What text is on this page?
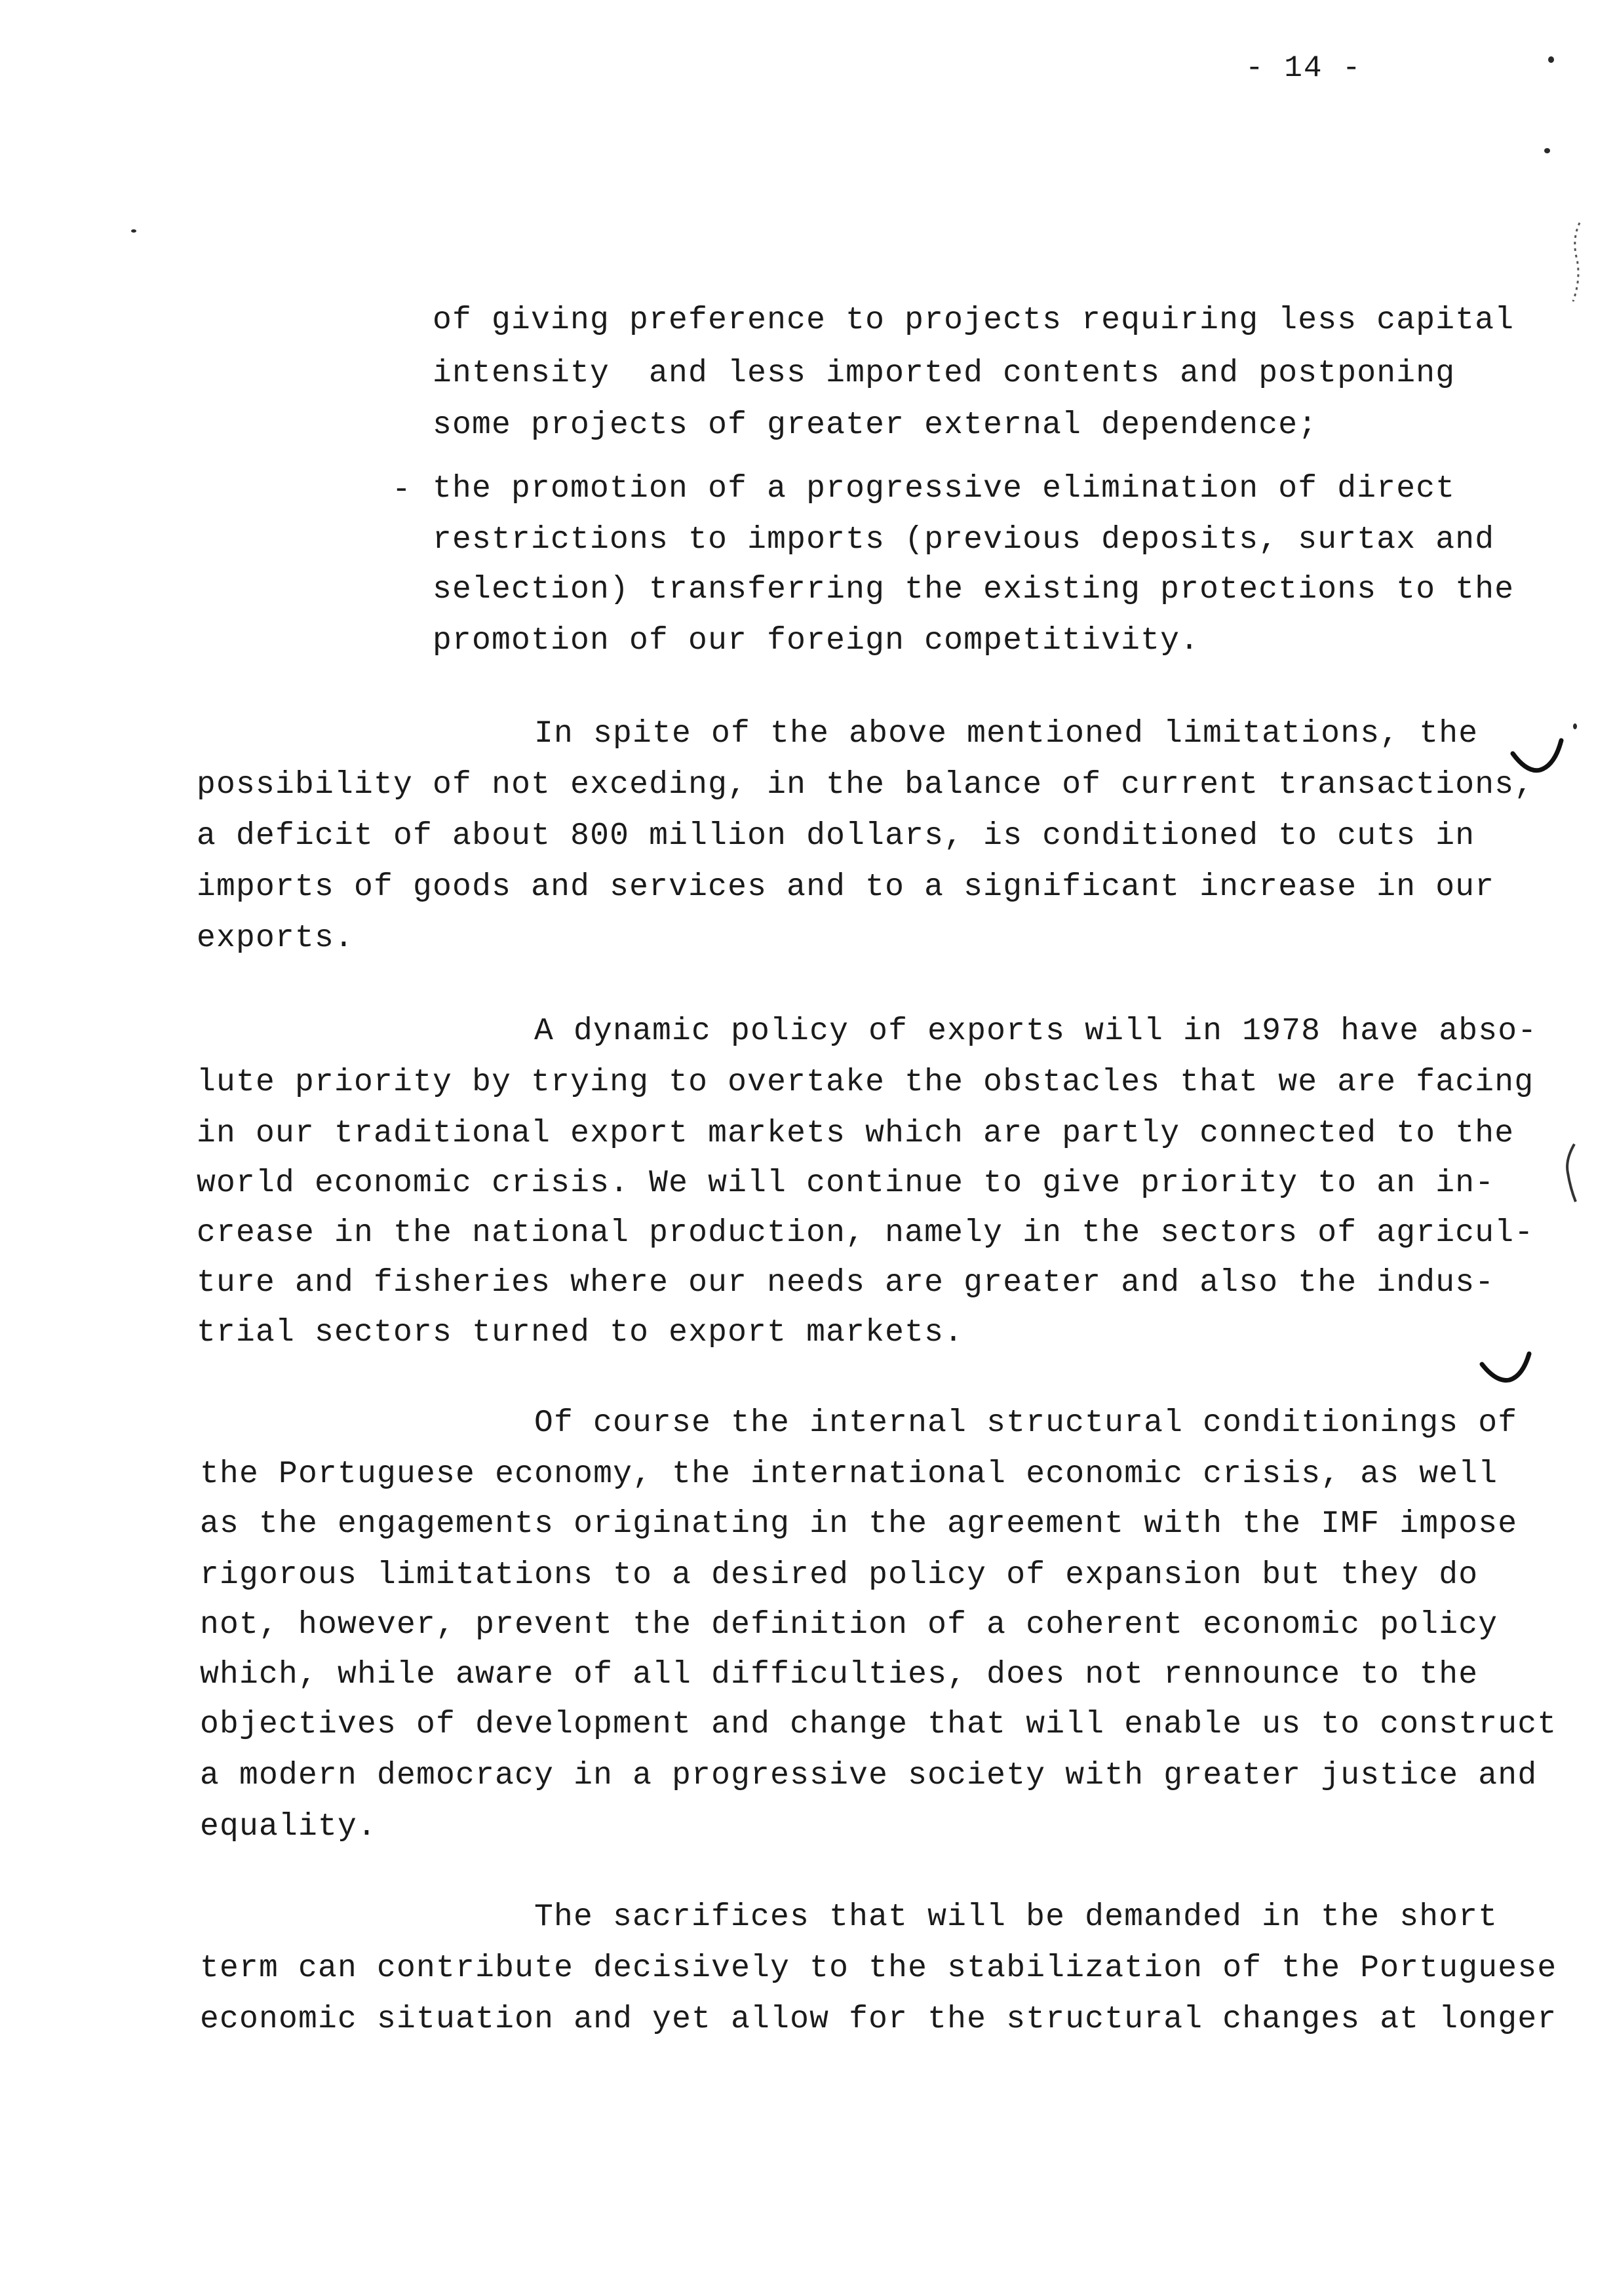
- 14 -
of giving preference to projects requiring less capital
intensity  and less imported contents and postponing
some projects of greater external dependence;
- the promotion of a progressive elimination of direct
restrictions to imports (previous deposits, surtax and
selection) transferring the existing protections to the
promotion of our foreign competitivity.
In spite of the above mentioned limitations, the
possibility of not exceding, in the balance of current transactions,
a deficit of about 800 million dollars, is conditioned to cuts in
imports of goods and services and to a significant increase in our
exports.
A dynamic policy of exports will in 1978 have abso-
lute priority by trying to overtake the obstacles that we are facing
in our traditional export markets which are partly connected to the
world economic crisis. We will continue to give priority to an in-
crease in the national production, namely in the sectors of agricul-
ture and fisheries where our needs are greater and also the indus-
trial sectors turned to export markets.
Of course the internal structural conditionings of
the Portuguese economy, the international economic crisis, as well
as the engagements originating in the agreement with the IMF impose
rigorous limitations to a desired policy of expansion but they do
not, however, prevent the definition of a coherent economic policy
which, while aware of all difficulties, does not rennounce to the
objectives of development and change that will enable us to construct
a modern democracy in a progressive society with greater justice and
equality.
The sacrifices that will be demanded in the short
term can contribute decisively to the stabilization of the Portuguese
economic situation and yet allow for the structural changes at longer
